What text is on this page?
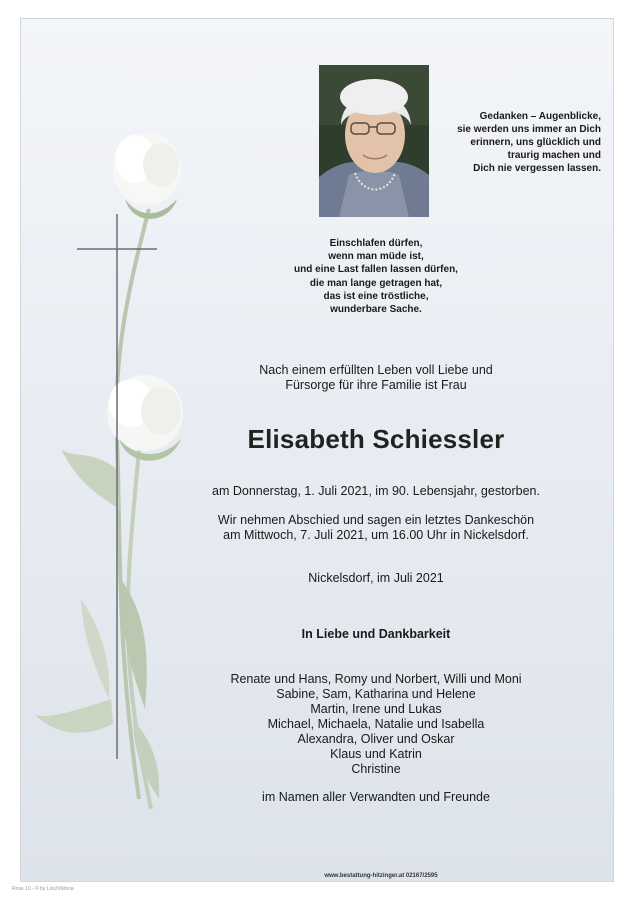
Gedanken – Augenblicke,
sie werden uns immer an Dich
erinnern, uns glücklich und
traurig machen und
Dich nie vergessen lassen.
Einschlafen dürfen,
wenn man müde ist,
und eine Last fallen lassen dürfen,
die man lange getragen hat,
das ist eine tröstliche,
wunderbare Sache.
Nach einem erfüllten Leben voll Liebe und
Fürsorge für ihre Familie ist Frau
Elisabeth Schiessler
am Donnerstag, 1. Juli 2021, im 90. Lebensjahr, gestorben.
Wir nehmen Abschied und sagen ein letztes Dankeschön
am Mittwoch, 7. Juli 2021, um 16.00 Uhr in Nickelsdorf.
Nickelsdorf, im Juli 2021
In Liebe und Dankbarkeit
Renate und Hans, Romy und Norbert, Willi und Moni
Sabine, Sam, Katharina und Helene
Martin, Irene und Lukas
Michael, Michaela, Natalie und Isabella
Alexandra, Oliver und Oskar
Klaus und Katrin
Christine
im Namen aller Verwandten und Freunde
www.bestattung-hitzinger.at 02167/2595
Rose 10 - © by Liss/Viktoria
